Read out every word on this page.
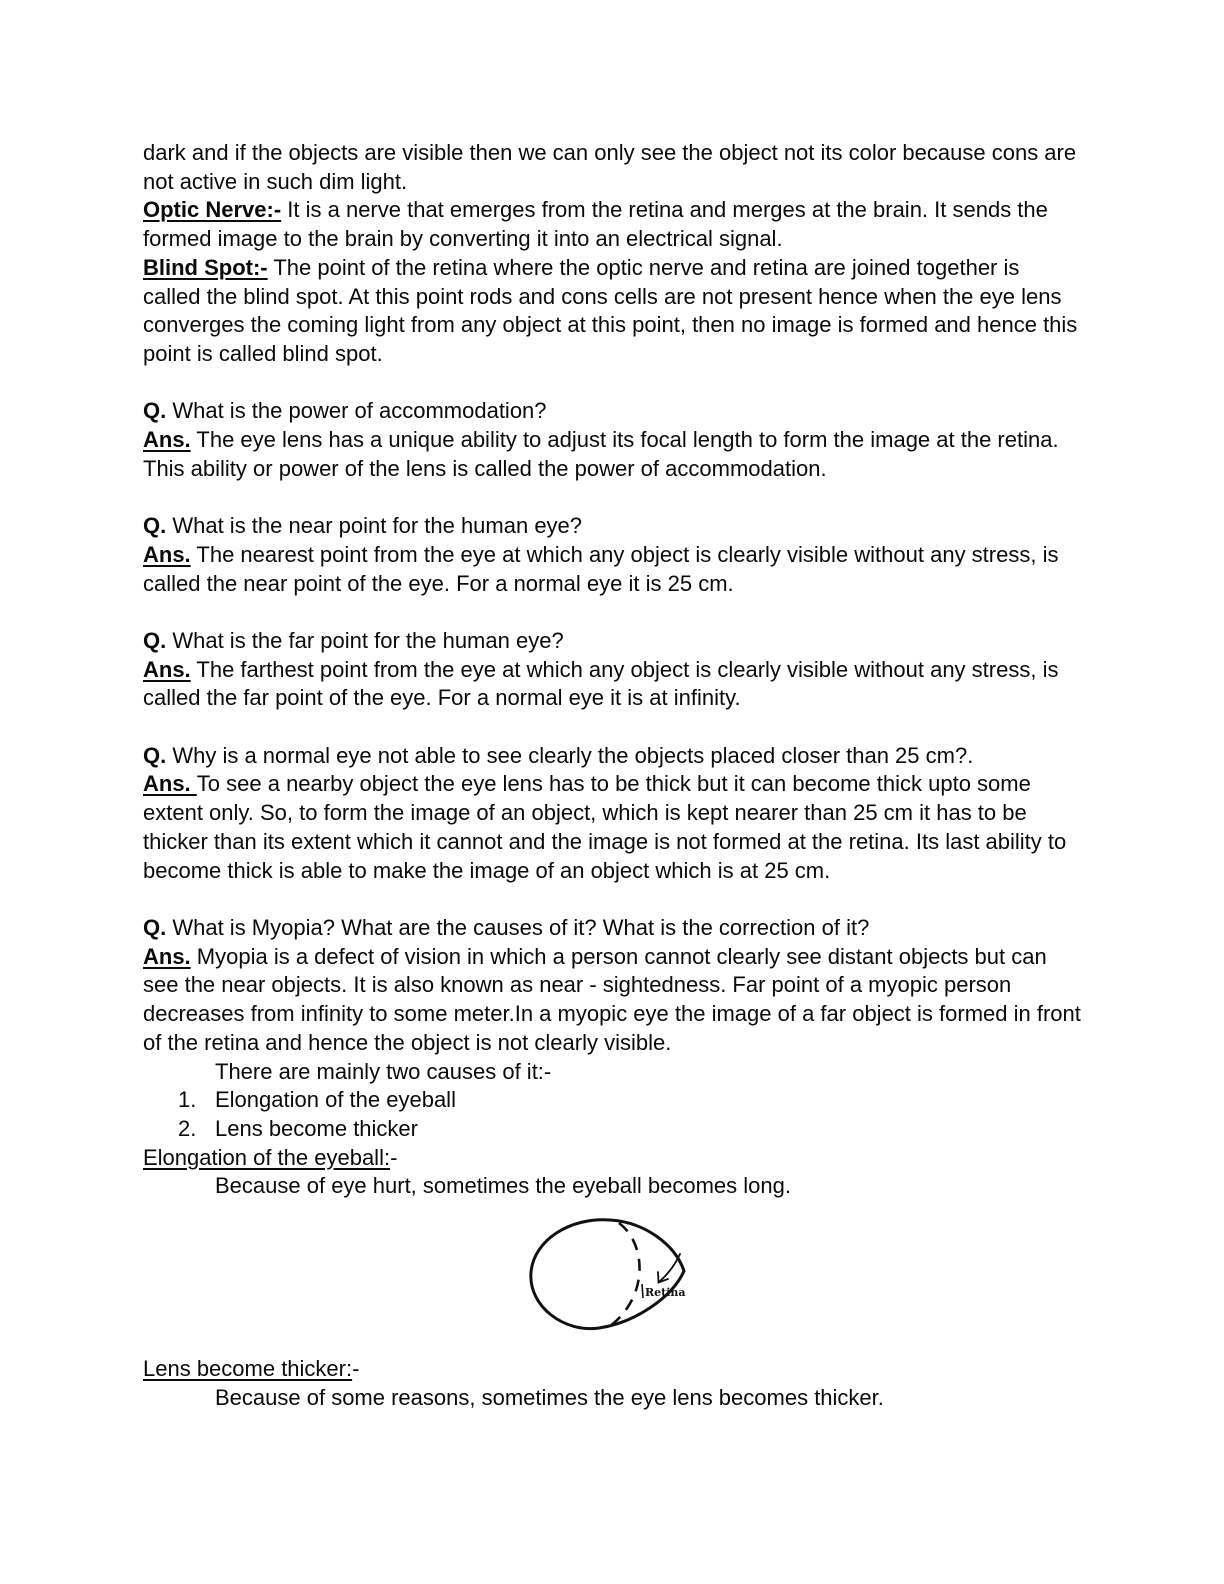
dark and if the objects are visible then we can only see the object not its color because cons are not active in such dim light.
Optic Nerve:- It is a nerve that emerges from the retina and merges at the brain. It sends the formed image to the brain by converting it into an electrical signal.
Blind Spot:- The point of the retina where the optic nerve and retina are joined together is called the blind spot. At this point rods and cons cells are not present hence when the eye lens converges the coming light from any object at this point, then no image is formed and hence this point is called blind spot.

Q. What is the power of accommodation?
Ans. The eye lens has a unique ability to adjust its focal length to form the image at the retina. This ability or power of the lens is called the power of accommodation.

Q. What is the near point for the human eye?
Ans. The nearest point from the eye at which any object is clearly visible without any stress, is called the near point of the eye. For a normal eye it is 25 cm.

Q. What is the far point for the human eye?
Ans. The farthest point from the eye at which any object is clearly visible without any stress, is called the far point of the eye. For a normal eye it is at infinity.

Q. Why is a normal eye not able to see clearly the objects placed closer than 25 cm?.
Ans. To see a nearby object the eye lens has to be thick but it can become thick upto some extent only. So, to form the image of an object, which is kept nearer than 25 cm it has to be thicker than its extent which it cannot and the image is not formed at the retina. Its last ability to become thick is able to make the image of an object which is at 25 cm.

Q. What is Myopia? What are the causes of it? What is the correction of it?
Ans. Myopia is a defect of vision in which a person cannot clearly see distant objects but can see the near objects. It is also known as near - sightedness. Far point of a myopic person decreases from infinity to some meter.In a myopic eye the image of a far object is formed in front of the retina and hence the object is not clearly visible.
There are mainly two causes of it:-
1. Elongation of the eyeball
2. Lens become thicker
Elongation of the eyeball:-
Because of eye hurt, sometimes the eyeball becomes long.
Retina
Lens become thicker:-
Because of some reasons, sometimes the eye lens becomes thicker.
